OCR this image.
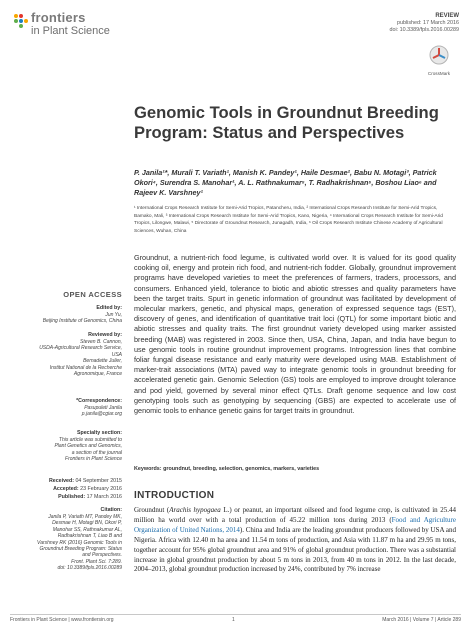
frontiers
in Plant Science
REVIEW
published: 17 March 2016
doi: 10.3389/fpls.2016.00289
CrossMark
Genomic Tools in Groundnut Breeding Program: Status and Perspectives
P. Janila¹*, Murali T. Variath¹, Manish K. Pandey¹, Haile Desmae², Babu N. Motagi³, Patrick Okori⁴, Surendra S. Manohar¹, A. L. Rathnakumar⁵, T. Radhakrishnan⁵, Boshou Liao⁶ and Rajeev K. Varshney¹
¹ International Crops Research Institute for Semi-Arid Tropics, Patancheru, India, ² International Crops Research Institute for Semi-Arid Tropics, Bamako, Mali, ³ International Crops Research Institute for Semi-Arid Tropics, Kano, Nigeria, ⁴ International Crops Research Institute for Semi-Arid Tropics, Lilongwe, Malawi, ⁵ Directorate of Groundnut Research, Junagadh, India, ⁶ Oil Crops Research Institute Chinese Academy of Agricultural Sciences, Wuhan, China
Groundnut, a nutrient-rich food legume, is cultivated world over. It is valued for its good quality cooking oil, energy and protein rich food, and nutrient-rich fodder. Globally, groundnut improvement programs have developed varieties to meet the preferences of farmers, traders, processors, and consumers. Enhanced yield, tolerance to biotic and abiotic stresses and quality parameters have been the target traits. Spurt in genetic information of groundnut was facilitated by development of molecular markers, genetic, and physical maps, generation of expressed sequence tags (EST), discovery of genes, and identification of quantitative trait loci (QTL) for some important biotic and abiotic stresses and quality traits. The first groundnut variety developed using marker assisted breeding (MAB) was registered in 2003. Since then, USA, China, Japan, and India have begun to use genomic tools in routine groundnut improvement programs. Introgression lines that combine foliar fungal disease resistance and early maturity were developed using MAB. Establishment of marker-trait associations (MTA) paved way to integrate genomic tools in groundnut breeding for accelerated genetic gain. Genomic Selection (GS) tools are employed to improve drought tolerance and pod yield, governed by several minor effect QTLs. Draft genome sequence and low cost genotyping tools such as genotyping by sequencing (GBS) are expected to accelerate use of genomic tools to enhance genetic gains for target traits in groundnut.
Keywords: groundnut, breeding, selection, genomics, markers, varieties
OPEN ACCESS
Edited by:
Jun Yu,
Beijing Institute of Genomics, China
Reviewed by:
Steven B. Cannon,
USDA-Agricultural Research Service,
USA
Bernadette Julier,
Institut National de la Recherche
Agronomique, France
*Correspondence:
Pasupuleti Janila
p.janila@cgiar.org
Specialty section:
This article was submitted to
Plant Genetics and Genomics,
a section of the journal
Frontiers in Plant Science
Received: 04 September 2015
Accepted: 23 February 2016
Published: 17 March 2016
Citation:
Janila P, Variath MT, Pandey MK,
Desmae H, Motagi BN, Okori P,
Manohar SS, Rathnakumar AL,
Radhakrishnan T, Liao B and
Varshney RK (2016) Genomic Tools in
Groundnut Breeding Program: Status
and Perspectives.
Front. Plant Sci. 7:289.
doi: 10.3389/fpls.2016.00289
INTRODUCTION
Groundnut (Arachis hypogaea L.) or peanut, an important oilseed and food legume crop, is cultivated in 25.44 million ha world over with a total production of 45.22 million tons during 2013 (Food and Agriculture Organization of United Nations, 2014). China and India are the leading groundnut producers followed by USA and Nigeria. Africa with 12.40 m ha area and 11.54 m tons of production, and Asia with 11.87 m ha and 29.95 m tons, together account for 95% global groundnut area and 91% of global groundnut production. There was a substantial increase in global groundnut production by about 5 m tons in 2013, from 40 m tons in 2012. In the last decade, 2004–2013, global groundnut production increased by 24%, contributed by 7% increase
Frontiers in Plant Science | www.frontiersin.org	1	March 2016 | Volume 7 | Article 289
